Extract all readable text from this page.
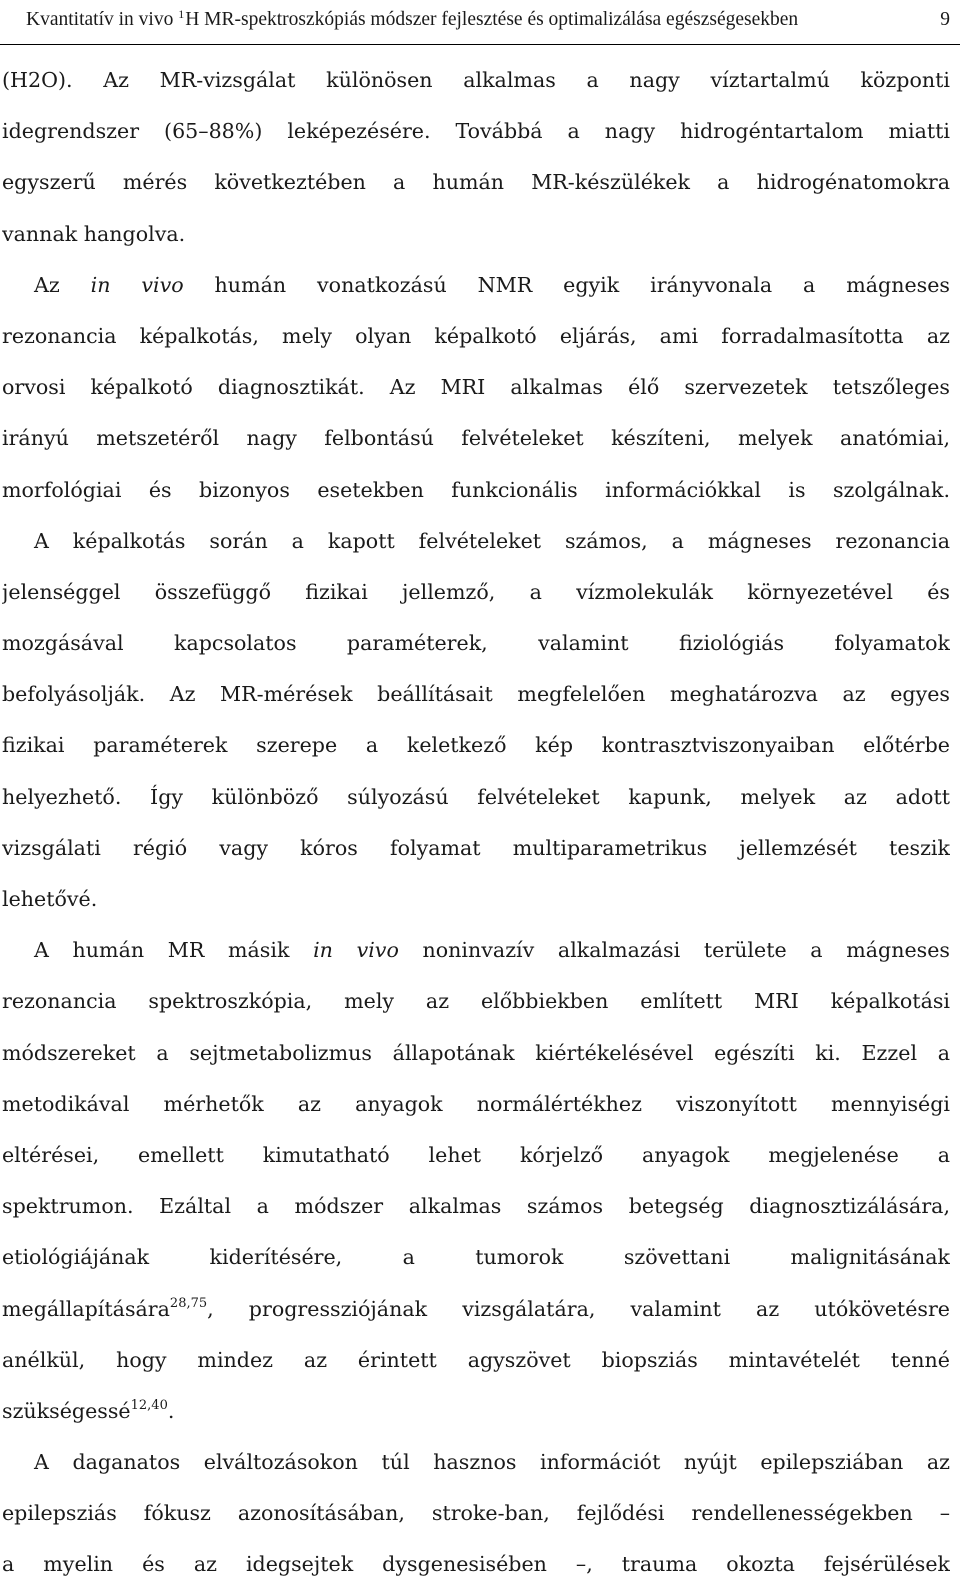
Kvantitatív in vivo $^1$H MR-spektroszkópiás módszer fejlesztése és optimalizálása egészségesekben	9
(H2O). Az MR-vizsgálat különösen alkalmas a nagy víztartalmú központi
idegrendszer (65–88%) leképezésére. Továbbá a nagy hidrogéntartalom miatti
egyszerű mérés következtében a humán MR-készülékek a hidrogénatomokra
vannak hangolva.
Az in vivo humán vonatkozású NMR egyik irányvonala a mágneses
rezonancia képalkotás, mely olyan képalkotó eljárás, ami forradalmasította az
orvosi képalkotó diagnosztikát. Az MRI alkalmas élő szervezetek tetszőleges
irányú metszetéről nagy felbontású felvételeket készíteni, melyek anatómiai,
morfológiai és bizonyos esetekben funkcionális információkkal is szolgálnak.
A képalkotás során a kapott felvételeket számos, a mágneses rezonancia
jelenséggel összefüggő fizikai jellemző, a vízmolekulák környezetével és
mozgásával kapcsolatos paraméterek, valamint fiziológiás folyamatok
befolyásolják. Az MR-mérések beállításait megfelelően meghatározva az egyes
fizikai paraméterek szerepe a keletkező kép kontrasztviszonyaiban előtérbe
helyezhető. Így különböző súlyozású felvételeket kapunk, melyek az adott
vizsgálati régió vagy kóros folyamat multiparametrikus jellemzését teszik
lehetővé.
A humán MR másik in vivo noninvazív alkalmazási területe a mágneses
rezonancia spektroszkópia, mely az előbbiekben említett MRI képalkotási
módszereket a sejtmetabolizmus állapotának kiértékelésével egészíti ki. Ezzel a
metodikával mérhetők az anyagok normálértékhez viszonyított mennyiségi
eltérései, emellett kimutatható lehet kórjelző anyagok megjelenése a
spektrumon. Ezáltal a módszer alkalmas számos betegség diagnosztizálására,
etiológiájának kiderítésére, a tumorok szövettani malignitásának
megállapítására$^{28,75}$, progressziójának vizsgálatára, valamint az utókövetésre
anélkül, hogy mindez az érintett agyszövet biopsziás mintavételét tenné
szükségessé$^{12,40}$.
A daganatos elváltozásokon túl hasznos információt nyújt epilepsziában az
epilepsziás fókusz azonosításában, stroke-ban, fejlődési rendellenességekben –
a myelin és az idegsejtek dysgenesisében –, trauma okozta fejsérülések
